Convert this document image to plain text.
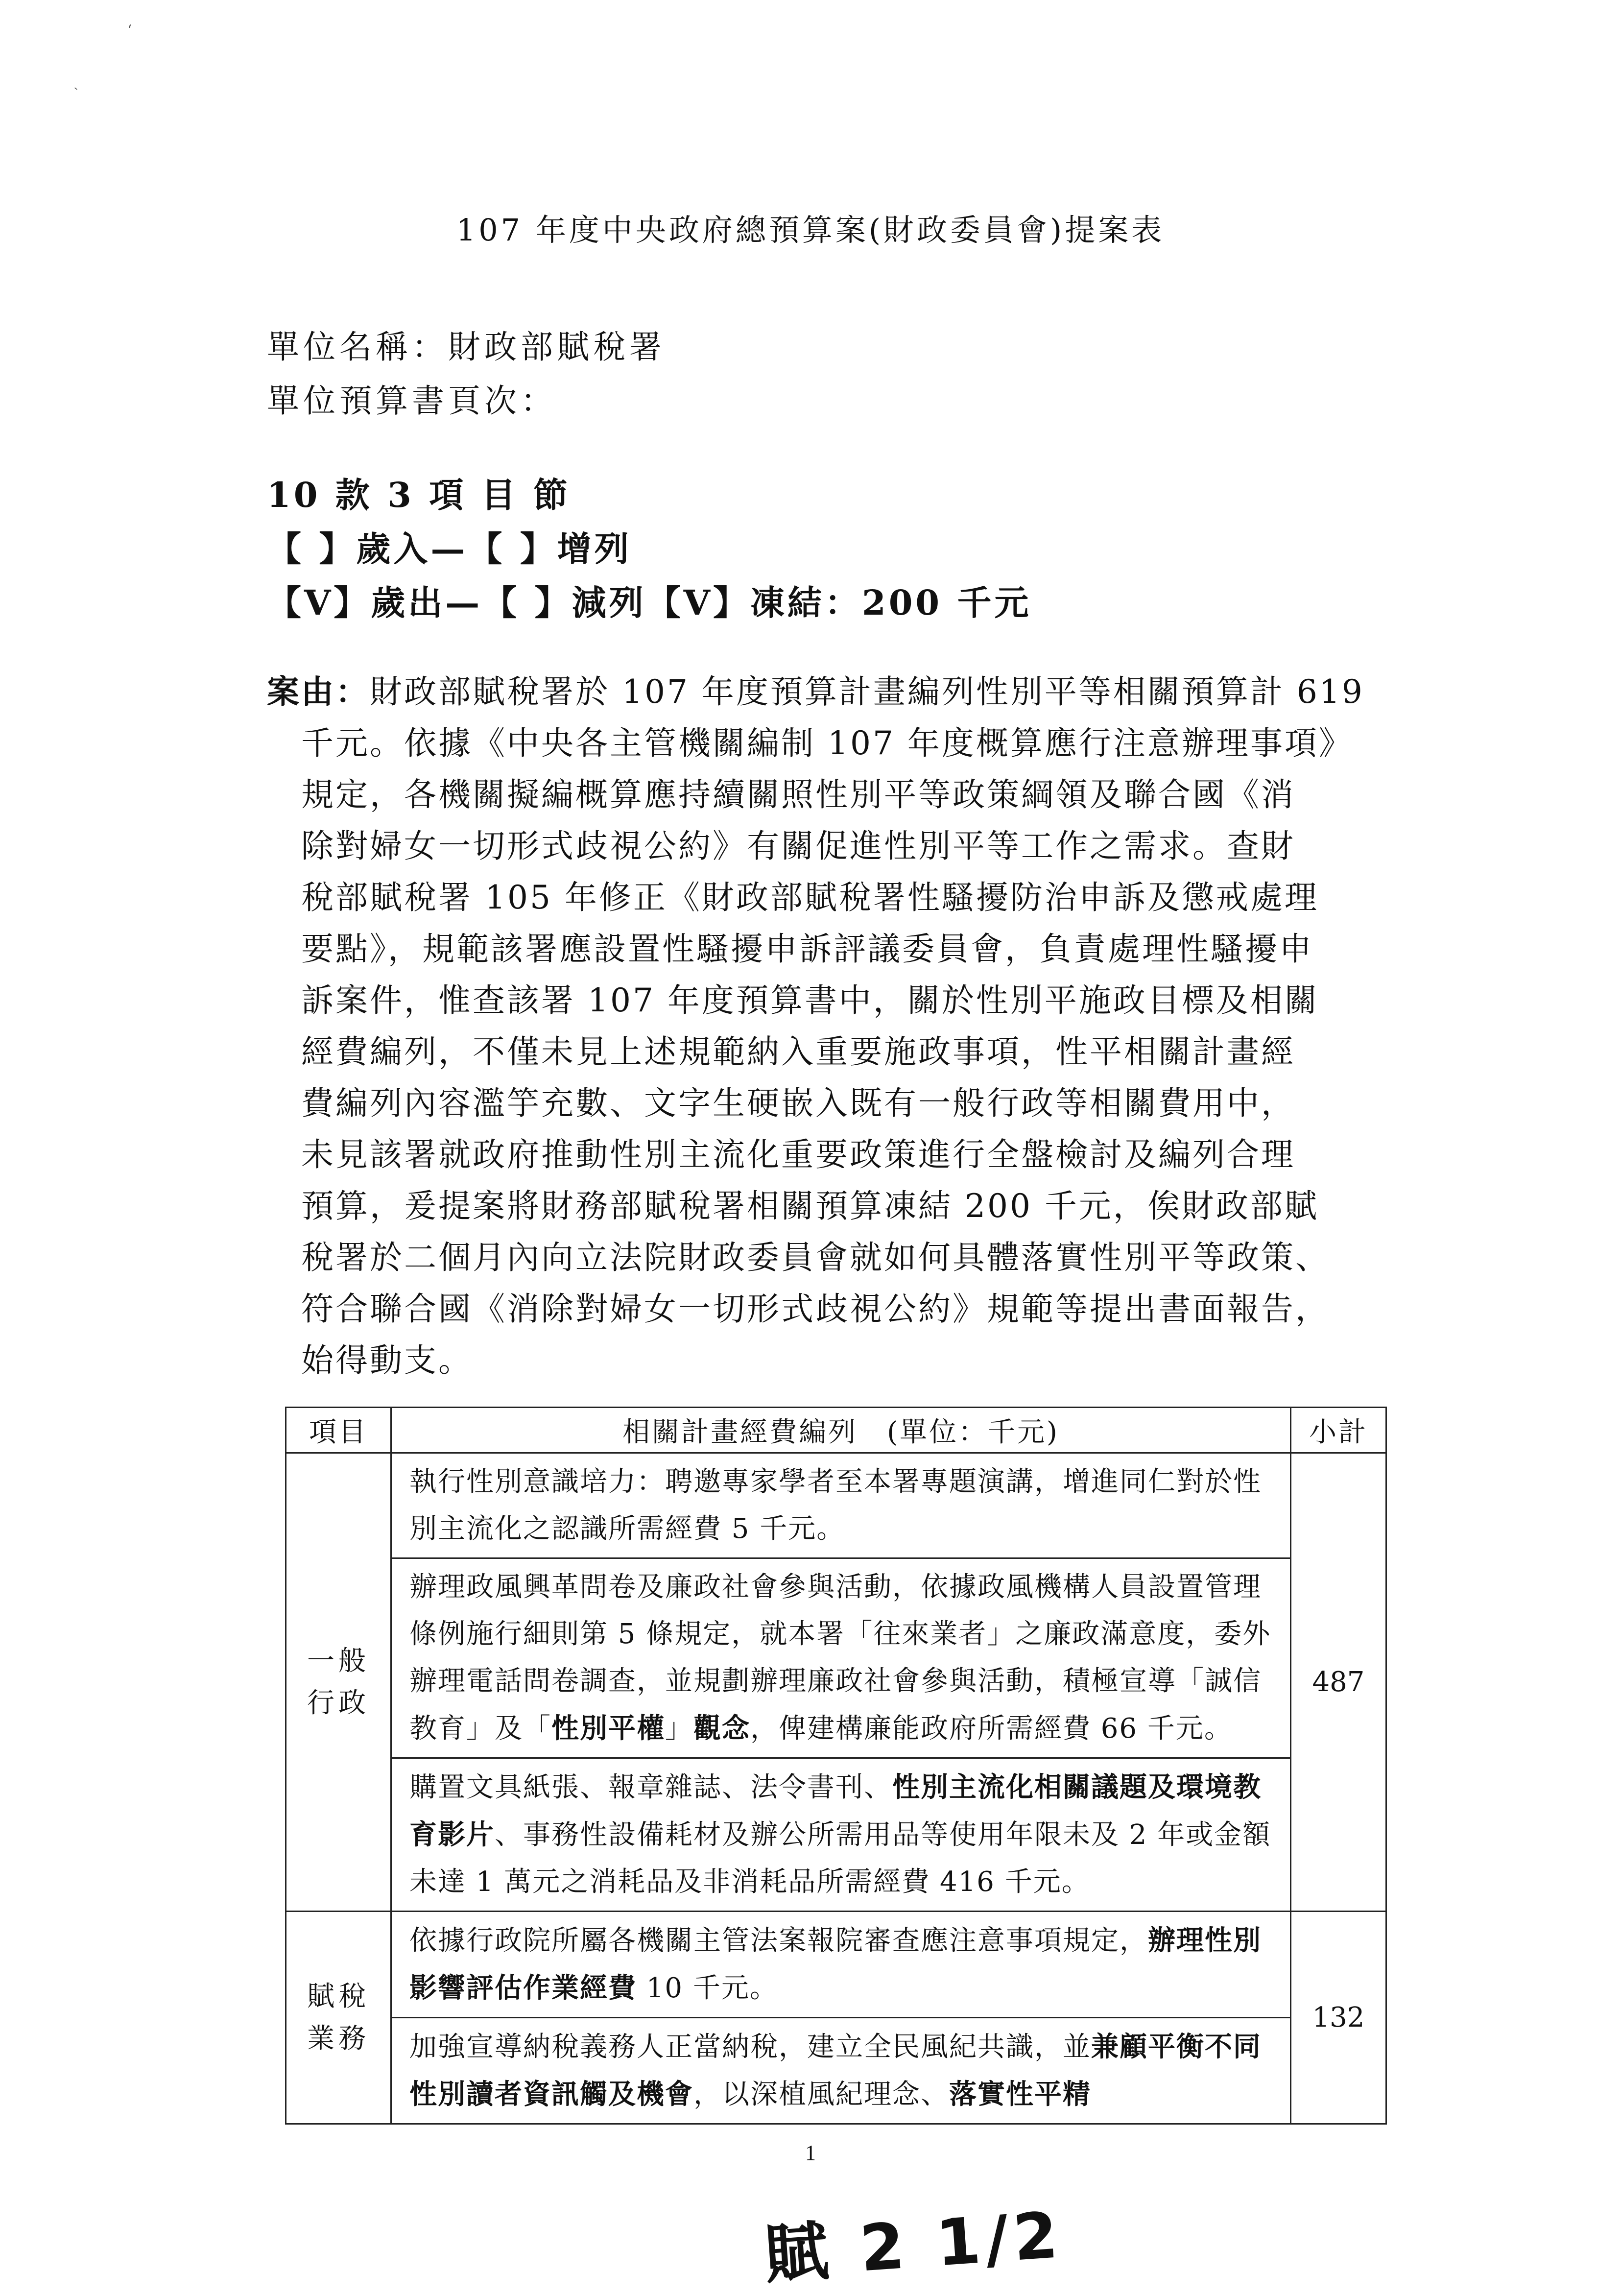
ʻ
ˎ
107 年度中央政府總預算案(財政委員會)提案表
單位名稱：財政部賦稅署
單位預算書頁次：
10 款 3 項 目 節
【 】歲入—【 】增列
【V】歲出—【 】減列【V】凍結：200 千元
案由：財政部賦稅署於 107 年度預算計畫編列性別平等相關預算計 619
千元。依據《中央各主管機關編制 107 年度概算應行注意辦理事項》
規定，各機關擬編概算應持續關照性別平等政策綱領及聯合國《消
除對婦女一切形式歧視公約》有關促進性別平等工作之需求。查財
稅部賦稅署 105 年修正《財政部賦稅署性騷擾防治申訴及懲戒處理
要點》，規範該署應設置性騷擾申訴評議委員會，負責處理性騷擾申
訴案件，惟查該署 107 年度預算書中，關於性別平施政目標及相關
經費編列，不僅未見上述規範納入重要施政事項，性平相關計畫經
費編列內容濫竽充數、文字生硬嵌入既有一般行政等相關費用中，
未見該署就政府推動性別主流化重要政策進行全盤檢討及編列合理
預算，爰提案將財務部賦稅署相關預算凍結 200 千元，俟財政部賦
稅署於二個月內向立法院財政委員會就如何具體落實性別平等政策、
符合聯合國《消除對婦女一切形式歧視公約》規範等提出書面報告，
始得動支。
項目	相關計畫經費編列　(單位：千元)	小計
一般
行政	執行性別意識培力：聘邀專家學者至本署專題演講，增進同仁對於性別主流化之認識所需經費 5 千元。	487
	辦理政風興革問卷及廉政社會參與活動，依據政風機構人員設置管理條例施行細則第 5 條規定，就本署「往來業者」之廉政滿意度，委外辦理電話問卷調查，並規劃辦理廉政社會參與活動，積極宣導「誠信教育」及「性別平權」觀念，俾建構廉能政府所需經費 66 千元。	
	購置文具紙張、報章雜誌、法令書刊、性別主流化相關議題及環境教育影片、事務性設備耗材及辦公所需用品等使用年限未及 2 年或金額未達 1 萬元之消耗品及非消耗品所需經費 416 千元。	
賦稅
業務	依據行政院所屬各機關主管法案報院審查應注意事項規定，辦理性別影響評估作業經費 10 千元。	132
	加強宣導納稅義務人正當納稅，建立全民風紀共識，並兼顧平衡不同性別讀者資訊觸及機會，以深植風紀理念、落實性平精	
1
賦 2 1/2
